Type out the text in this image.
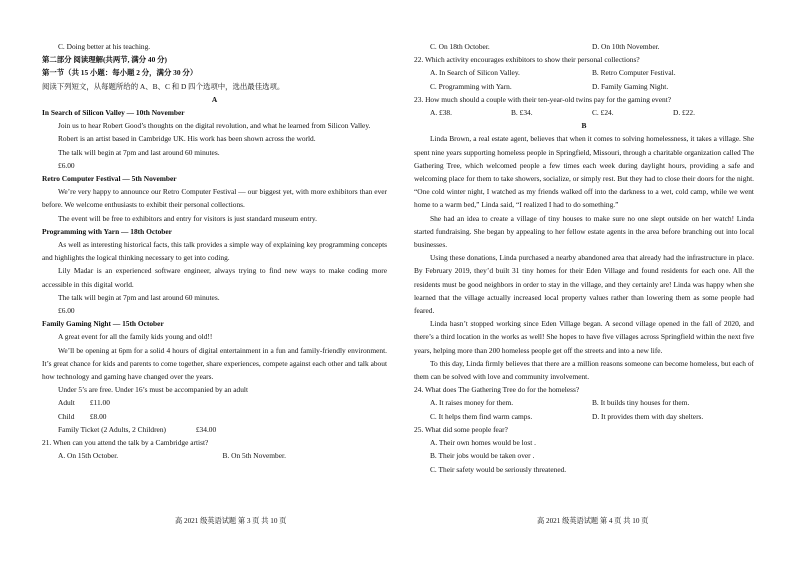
C. Doing better at his teaching.
第二部分 阅读理解(共两节, 满分 40 分)
第一节（共 15 小题：每小题 2 分，满分 30 分）
阅读下列短文，从每题所给的 A、B、C 和 D 四个选项中，选出最佳选项。
A
In Search of Silicon Valley — 10th November
Join us to hear Robert Good’s thoughts on the digital revolution, and what he learned from Silicon Valley.
Robert is an artist based in Cambridge UK. His work has been shown across the world.
The talk will begin at 7pm and last around 60 minutes.
£6.00
Retro Computer Festival — 5th November
We’re very happy to announce our Retro Computer Festival — our biggest yet, with more exhibitors than ever before. We welcome enthusiasts to exhibit their personal collections.
The event will be free to exhibitors and entry for visitors is just standard museum entry.
Programming with Yarn — 18th October
As well as interesting historical facts, this talk provides a simple way of explaining key programming concepts and highlights the logical thinking necessary to get into coding.
Lily Madar is an experienced software engineer, always trying to find new ways to make coding more accessible in this digital world.
The talk will begin at 7pm and last around 60 minutes.
£6.00
Family Gaming Night — 15th October
A great event for all the family kids young and old!!
We’ll be opening at 6pm for a solid 4 hours of digital entertainment in a fun and family-friendly environment. It’s great chance for kids and parents to come together, share experiences, compete against each other and talk about how technology and gaming have changed over the years.
Under 5’s are free. Under 16’s must be accompanied by an adult
Adult £11.00
Child £8.00
Family Ticket (2 Adults, 2 Children)	£34.00
21. When can you attend the talk by a Cambridge artist?
A. On 15th October.	B. On 5th November.
C. On 18th October.	D. On 10th November.
22. Which activity encourages exhibitors to show their personal collections?
A. In Search of Silicon Valley.	B. Retro Computer Festival.
C. Programming with Yarn.	D. Family Gaming Night.
23. How much should a couple with their ten-year-old twins pay for the gaming event?
A. £38.	B. £34.	C. £24.	D. £22.
B
Linda Brown, a real estate agent, believes that when it comes to solving homelessness, it takes a village. She spent nine years supporting homeless people in Springfield, Missouri, through a charitable organization called The Gathering Tree, which welcomed people a few times each week during daylight hours, providing a safe and welcoming place for them to take showers, socialize, or simply rest. But they had to close their doors for the night. “One cold winter night, I watched as my friends walked off into the darkness to a wet, cold camp, while we went home to a warm bed,” Linda said, “I realized I had to do something.”
She had an idea to create a village of tiny houses to make sure no one slept outside on her watch! Linda started fundraising. She began by appealing to her fellow estate agents in the area before branching out into local businesses.
Using these donations, Linda purchased a nearby abandoned area that already had the infrastructure in place. By February 2019, they’d built 31 tiny homes for their Eden Village and found residents for each one. All the residents must be good neighbors in order to stay in the village, and they certainly are! Linda was happy when she learned that the village actually increased local property values rather than lowering them as some people had feared.
Linda hasn’t stopped working since Eden Village began. A second village opened in the fall of 2020, and there’s a third location in the works as well! She hopes to have five villages across Springfield within the next five years, helping more than 200 homeless people get off the streets and into a new life.
To this day, Linda firmly believes that there are a million reasons someone can become homeless, but each of them can be solved with love and community involvement.
24. What does The Gathering Tree do for the homeless?
A. It raises money for them.	B. It builds tiny houses for them.
C. It helps them find warm camps.	D. It provides them with day shelters.
25. What did some people fear?
A. Their own homes would be lost .
B. Their jobs would be taken over .
C. Their safety would be seriously threatened.
高 2021 级英语试题 第 3 页 共 10 页	高 2021 级英语试题 第 4 页 共 10 页
